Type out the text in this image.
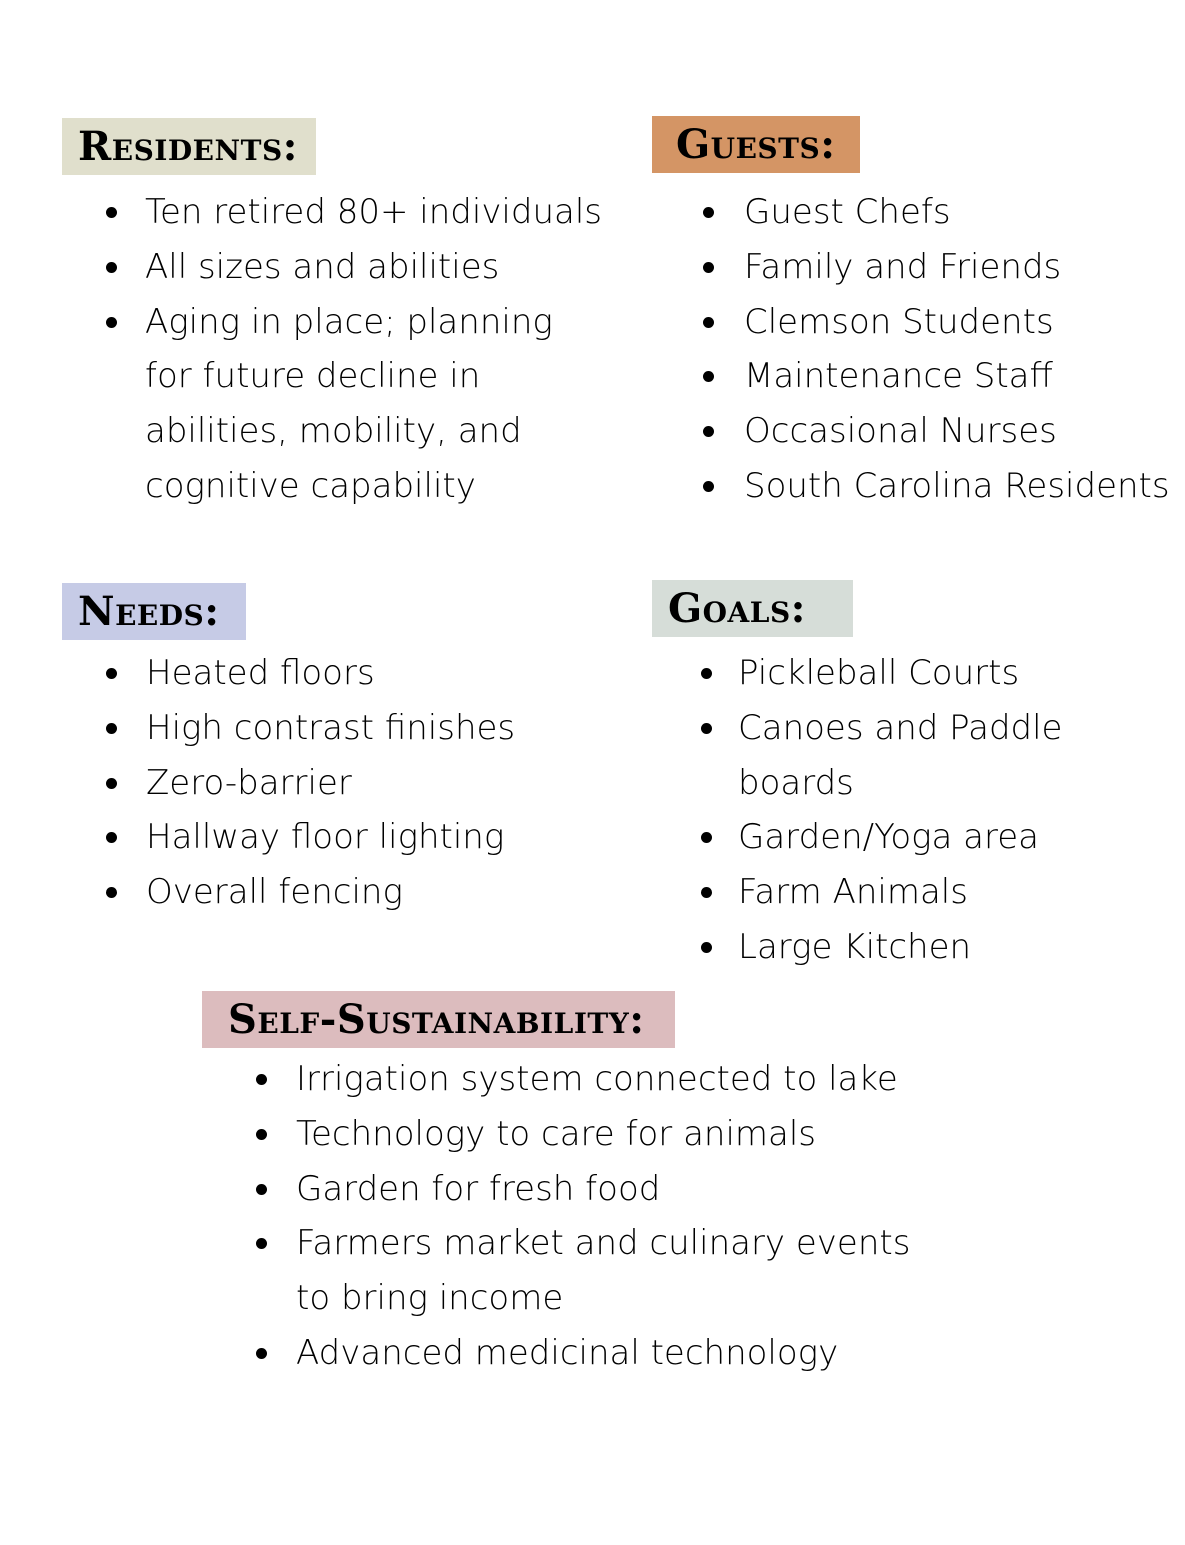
Residents:
Ten retired 80+ individuals
All sizes and abilities
Aging in place; planning
for future decline in
abilities, mobility, and
cognitive capability
Guests:
Guest Chefs
Family and Friends
Clemson Students
Maintenance Staff
Occasional Nurses
South Carolina Residents
Needs:
Heated floors
High contrast finishes
Zero-barrier
Hallway floor lighting
Overall fencing
Goals:
Pickleball Courts
Canoes and Paddle boards
Garden/Yoga area
Farm Animals
Large Kitchen
Self-Sustainability:
Irrigation system connected to lake
Technology to care for animals
Garden for fresh food
Farmers market and culinary events
to bring income
Advanced medicinal technology
